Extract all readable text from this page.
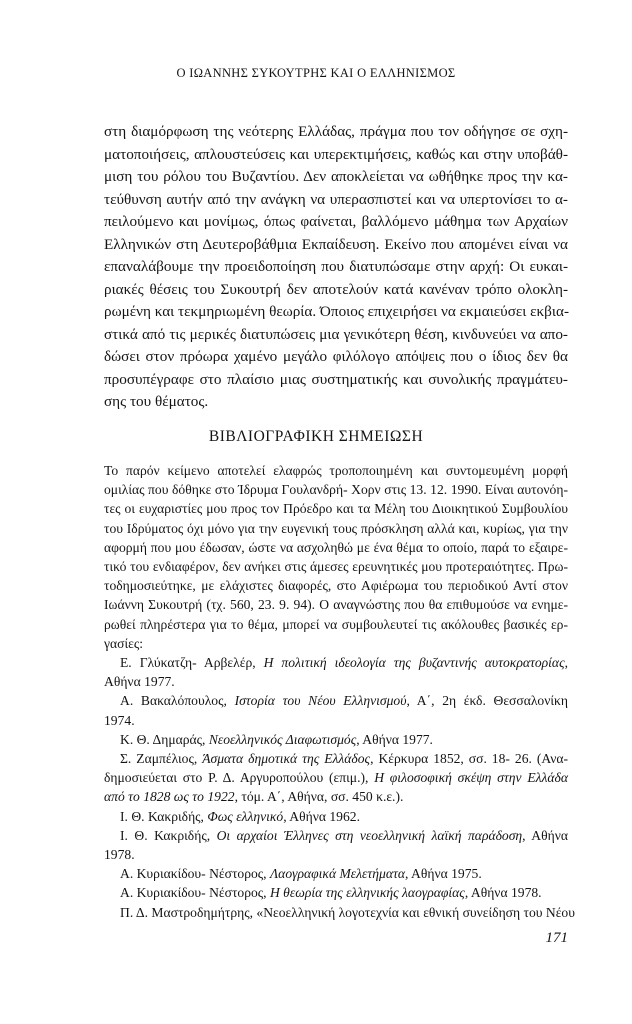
Ο ΙΩΑΝΝΗΣ ΣΥΚΟΥΤΡΗΣ ΚΑΙ Ο ΕΛΛΗΝΙΣΜΟΣ
στη διαμόρφωση της νεότερης Ελλάδας, πράγμα που τον οδήγησε σε σχη-
ματοποιήσεις, απλουστεύσεις και υπερεκτιμήσεις, καθώς και στην υποβάθ-
μιση του ρόλου του Βυζαντίου. Δεν αποκλείεται να ωθήθηκε προς την κα-
τεύθυνση αυτήν από την ανάγκη να υπερασπιστεί και να υπερτονίσει το α-
πειλούμενο και μονίμως, όπως φαίνεται, βαλλόμενο μάθημα των Αρχαίων
Ελληνικών στη Δευτεροβάθμια Εκπαίδευση. Εκείνο που απομένει είναι να
επαναλάβουμε την προειδοποίηση που διατυπώσαμε στην αρχή: Οι ευκαι-
ριακές θέσεις του Συκουτρή δεν αποτελούν κατά κανέναν τρόπο ολοκλη-
ρωμένη και τεκμηριωμένη θεωρία. Όποιος επιχειρήσει να εκμαιεύσει εκβια-
στικά από τις μερικές διατυπώσεις μια γενικότερη θέση, κινδυνεύει να απο-
δώσει στον πρόωρα χαμένο μεγάλο φιλόλογο απόψεις που ο ίδιος δεν θα
προσυπέγραφε στο πλαίσιο μιας συστηματικής και συνολικής πραγμάτευ-
σης του θέματος.
ΒΙΒΛΙΟΓΡΑΦΙΚΗ ΣΗΜΕΙΩΣΗ
Το παρόν κείμενο αποτελεί ελαφρώς τροποποιημένη και συντομευμένη μορφή
ομιλίας που δόθηκε στο Ίδρυμα Γουλανδρή- Χορν στις 13. 12. 1990. Είναι αυτονόη-
τες οι ευχαριστίες μου προς τον Πρόεδρο και τα Μέλη του Διοικητικού Συμβουλίου
του Ιδρύματος όχι μόνο για την ευγενική τους πρόσκληση αλλά και, κυρίως, για την
αφορμή που μου έδωσαν, ώστε να ασχοληθώ με ένα θέμα το οποίο, παρά το εξαιρε-
τικό του ενδιαφέρον, δεν ανήκει στις άμεσες ερευνητικές μου προτεραιότητες. Πρω-
τοδημοσιεύτηκε, με ελάχιστες διαφορές, στο Αφιέρωμα του περιοδικού Αντί στον
Ιωάννη Συκουτρή (τχ. 560, 23. 9. 94). Ο αναγνώστης που θα επιθυμούσε να ενημε-
ρωθεί πληρέστερα για το θέμα, μπορεί να συμβουλευτεί τις ακόλουθες βασικές ερ-
γασίες:
Ε. Γλύκατζη- Αρβελέρ, Η πολιτική ιδεολογία της βυζαντινής αυτοκρατορίας,
Αθήνα 1977.
Α. Βακαλόπουλος, Ιστορία του Νέου Ελληνισμού, Α΄, 2η έκδ. Θεσσαλονίκη
1974.
Κ. Θ. Δημαράς, Νεοελληνικός Διαφωτισμός, Αθήνα 1977.
Σ. Ζαμπέλιος, Άσματα δημοτικά της Ελλάδος, Κέρκυρα 1852, σσ. 18- 26. (Ανα-
δημοσιεύεται στο Ρ. Δ. Αργυροπούλου (επιμ.), Η φιλοσοφική σκέψη στην Ελλάδα
από το 1828 ως το 1922, τόμ. Α΄, Αθήνα, σσ. 450 κ.ε.).
Ι. Θ. Κακριδής, Φως ελληνικό, Αθήνα 1962.
Ι. Θ. Κακριδής, Οι αρχαίοι Έλληνες στη νεοελληνική λαϊκή παράδοση, Αθήνα
1978.
Α. Κυριακίδου- Νέστορος, Λαογραφικά Μελετήματα, Αθήνα 1975.
Α. Κυριακίδου- Νέστορος, Η θεωρία της ελληνικής λαογραφίας, Αθήνα 1978.
Π. Δ. Μαστροδημήτρης, «Νεοελληνική λογοτεχνία και εθνική συνείδηση του Νέου
171
